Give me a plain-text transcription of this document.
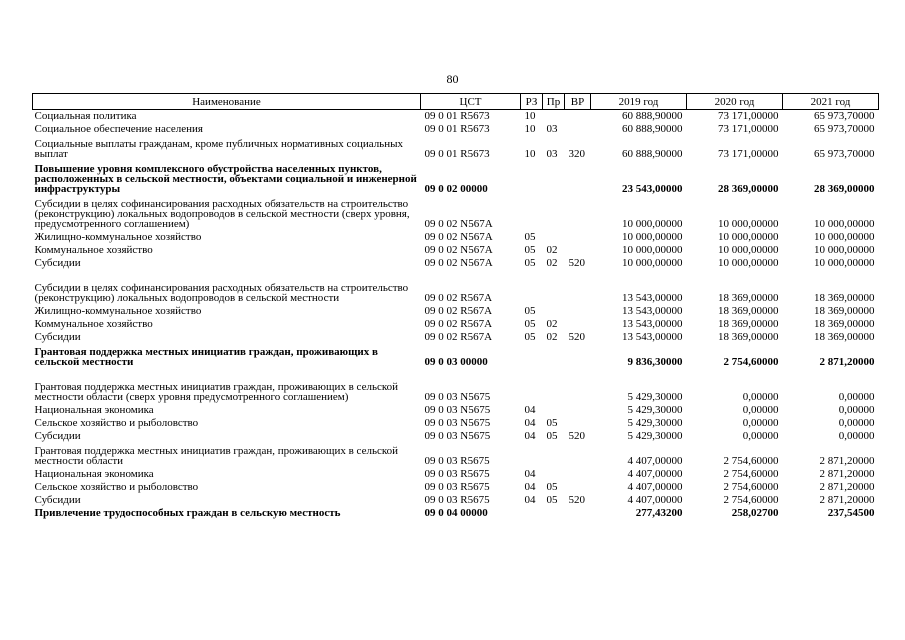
80
Наименование	ЦСТ	РЗ	Пр	ВР	2019 год	2020 год	2021 год
Социальная политика	09 0 01 R5673	10			60 888,90000	73 171,00000	65 973,70000
Социальное обеспечение населения	09 0 01 R5673	10	03		60 888,90000	73 171,00000	65 973,70000
Социальные выплаты гражданам, кроме публичных нормативных социальных выплат	09 0 01 R5673	10	03	320	60 888,90000	73 171,00000	65 973,70000
Повышение уровня комплексного обустройства населенных пунктов, расположенных в сельской местности, объектами социальной и инженерной инфраструктуры	09 0 02 00000				23 543,00000	28 369,00000	28 369,00000
Субсидии в целях софинансирования расходных обязательств на строительство (реконструкцию) локальных водопроводов в сельской местности (сверх уровня, предусмотренного соглашением)	09 0 02 N567A				10 000,00000	10 000,00000	10 000,00000
Жилищно-коммунальное хозяйство	09 0 02 N567A	05			10 000,00000	10 000,00000	10 000,00000
Коммунальное хозяйство	09 0 02 N567A	05	02		10 000,00000	10 000,00000	10 000,00000
Субсидии	09 0 02 N567A	05	02	520	10 000,00000	10 000,00000	10 000,00000
Субсидии в целях софинансирования расходных обязательств на строительство (реконструкцию) локальных водопроводов в сельской местности	09 0 02 R567A				13 543,00000	18 369,00000	18 369,00000
Жилищно-коммунальное хозяйство	09 0 02 R567A	05			13 543,00000	18 369,00000	18 369,00000
Коммунальное хозяйство	09 0 02 R567A	05	02		13 543,00000	18 369,00000	18 369,00000
Субсидии	09 0 02 R567A	05	02	520	13 543,00000	18 369,00000	18 369,00000
Грантовая поддержка местных инициатив граждан, проживающих в сельской местности	09 0 03 00000				9 836,30000	2 754,60000	2 871,20000
Грантовая поддержка местных инициатив граждан, проживающих в сельской местности области (сверх уровня предусмотренного соглашением)	09 0 03 N5675				5 429,30000	0,00000	0,00000
Национальная экономика	09 0 03 N5675	04			5 429,30000	0,00000	0,00000
Сельское хозяйство и рыболовство	09 0 03 N5675	04	05		5 429,30000	0,00000	0,00000
Субсидии	09 0 03 N5675	04	05	520	5 429,30000	0,00000	0,00000
Грантовая поддержка местных инициатив граждан, проживающих в сельской местности области	09 0 03 R5675				4 407,00000	2 754,60000	2 871,20000
Национальная экономика	09 0 03 R5675	04			4 407,00000	2 754,60000	2 871,20000
Сельское хозяйство и рыболовство	09 0 03 R5675	04	05		4 407,00000	2 754,60000	2 871,20000
Субсидии	09 0 03 R5675	04	05	520	4 407,00000	2 754,60000	2 871,20000
Привлечение трудоспособных граждан в сельскую местность	09 0 04 00000				277,43200	258,02700	237,54500
